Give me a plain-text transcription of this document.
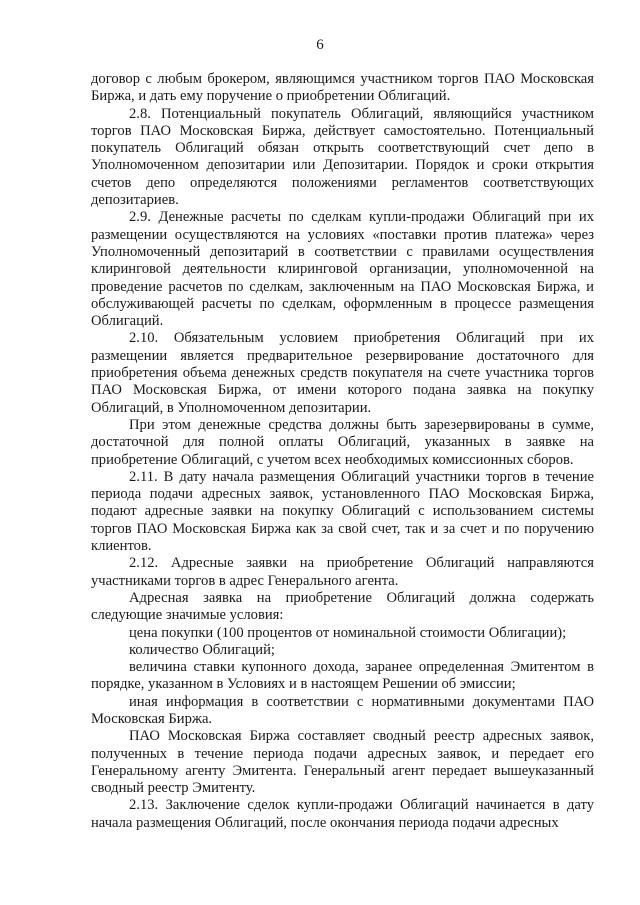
6

договор с любым брокером, являющимся участником торгов ПАО Московская Биржа, и дать ему поручение о приобретении Облигаций.

2.8. Потенциальный покупатель Облигаций, являющийся участником торгов ПАО Московская Биржа, действует самостоятельно. Потенциальный покупатель Облигаций обязан открыть соответствующий счет депо в Уполномоченном депозитарии или Депозитарии. Порядок и сроки открытия счетов депо определяются положениями регламентов соответствующих депозитариев.

2.9. Денежные расчеты по сделкам купли-продажи Облигаций при их размещении осуществляются на условиях «поставки против платежа» через Уполномоченный депозитарий в соответствии с правилами осуществления клиринговой деятельности клиринговой организации, уполномоченной на проведение расчетов по сделкам, заключенным на ПАО Московская Биржа, и обслуживающей расчеты по сделкам, оформленным в процессе размещения Облигаций.

2.10. Обязательным условием приобретения Облигаций при их размещении является предварительное резервирование достаточного для приобретения объема денежных средств покупателя на счете участника торгов ПАО Московская Биржа, от имени которого подана заявка на покупку Облигаций, в Уполномоченном депозитарии.

При этом денежные средства должны быть зарезервированы в сумме, достаточной для полной оплаты Облигаций, указанных в заявке на приобретение Облигаций, с учетом всех необходимых комиссионных сборов.

2.11. В дату начала размещения Облигаций участники торгов в течение периода подачи адресных заявок, установленного ПАО Московская Биржа, подают адресные заявки на покупку Облигаций с использованием системы торгов ПАО Московская Биржа как за свой счет, так и за счет и по поручению клиентов.

2.12. Адресные заявки на приобретение Облигаций направляются участниками торгов в адрес Генерального агента.

Адресная заявка на приобретение Облигаций должна содержать следующие значимые условия:

цена покупки (100 процентов от номинальной стоимости Облигации);

количество Облигаций;

величина ставки купонного дохода, заранее определенная Эмитентом в порядке, указанном в Условиях и в настоящем Решении об эмиссии;

иная информация в соответствии с нормативными документами ПАО Московская Биржа.

ПАО Московская Биржа составляет сводный реестр адресных заявок, полученных в течение периода подачи адресных заявок, и передает его Генеральному агенту Эмитента. Генеральный агент передает вышеуказанный сводный реестр Эмитенту.

2.13. Заключение сделок купли-продажи Облигаций начинается в дату начала размещения Облигаций, после окончания периода подачи адресных
